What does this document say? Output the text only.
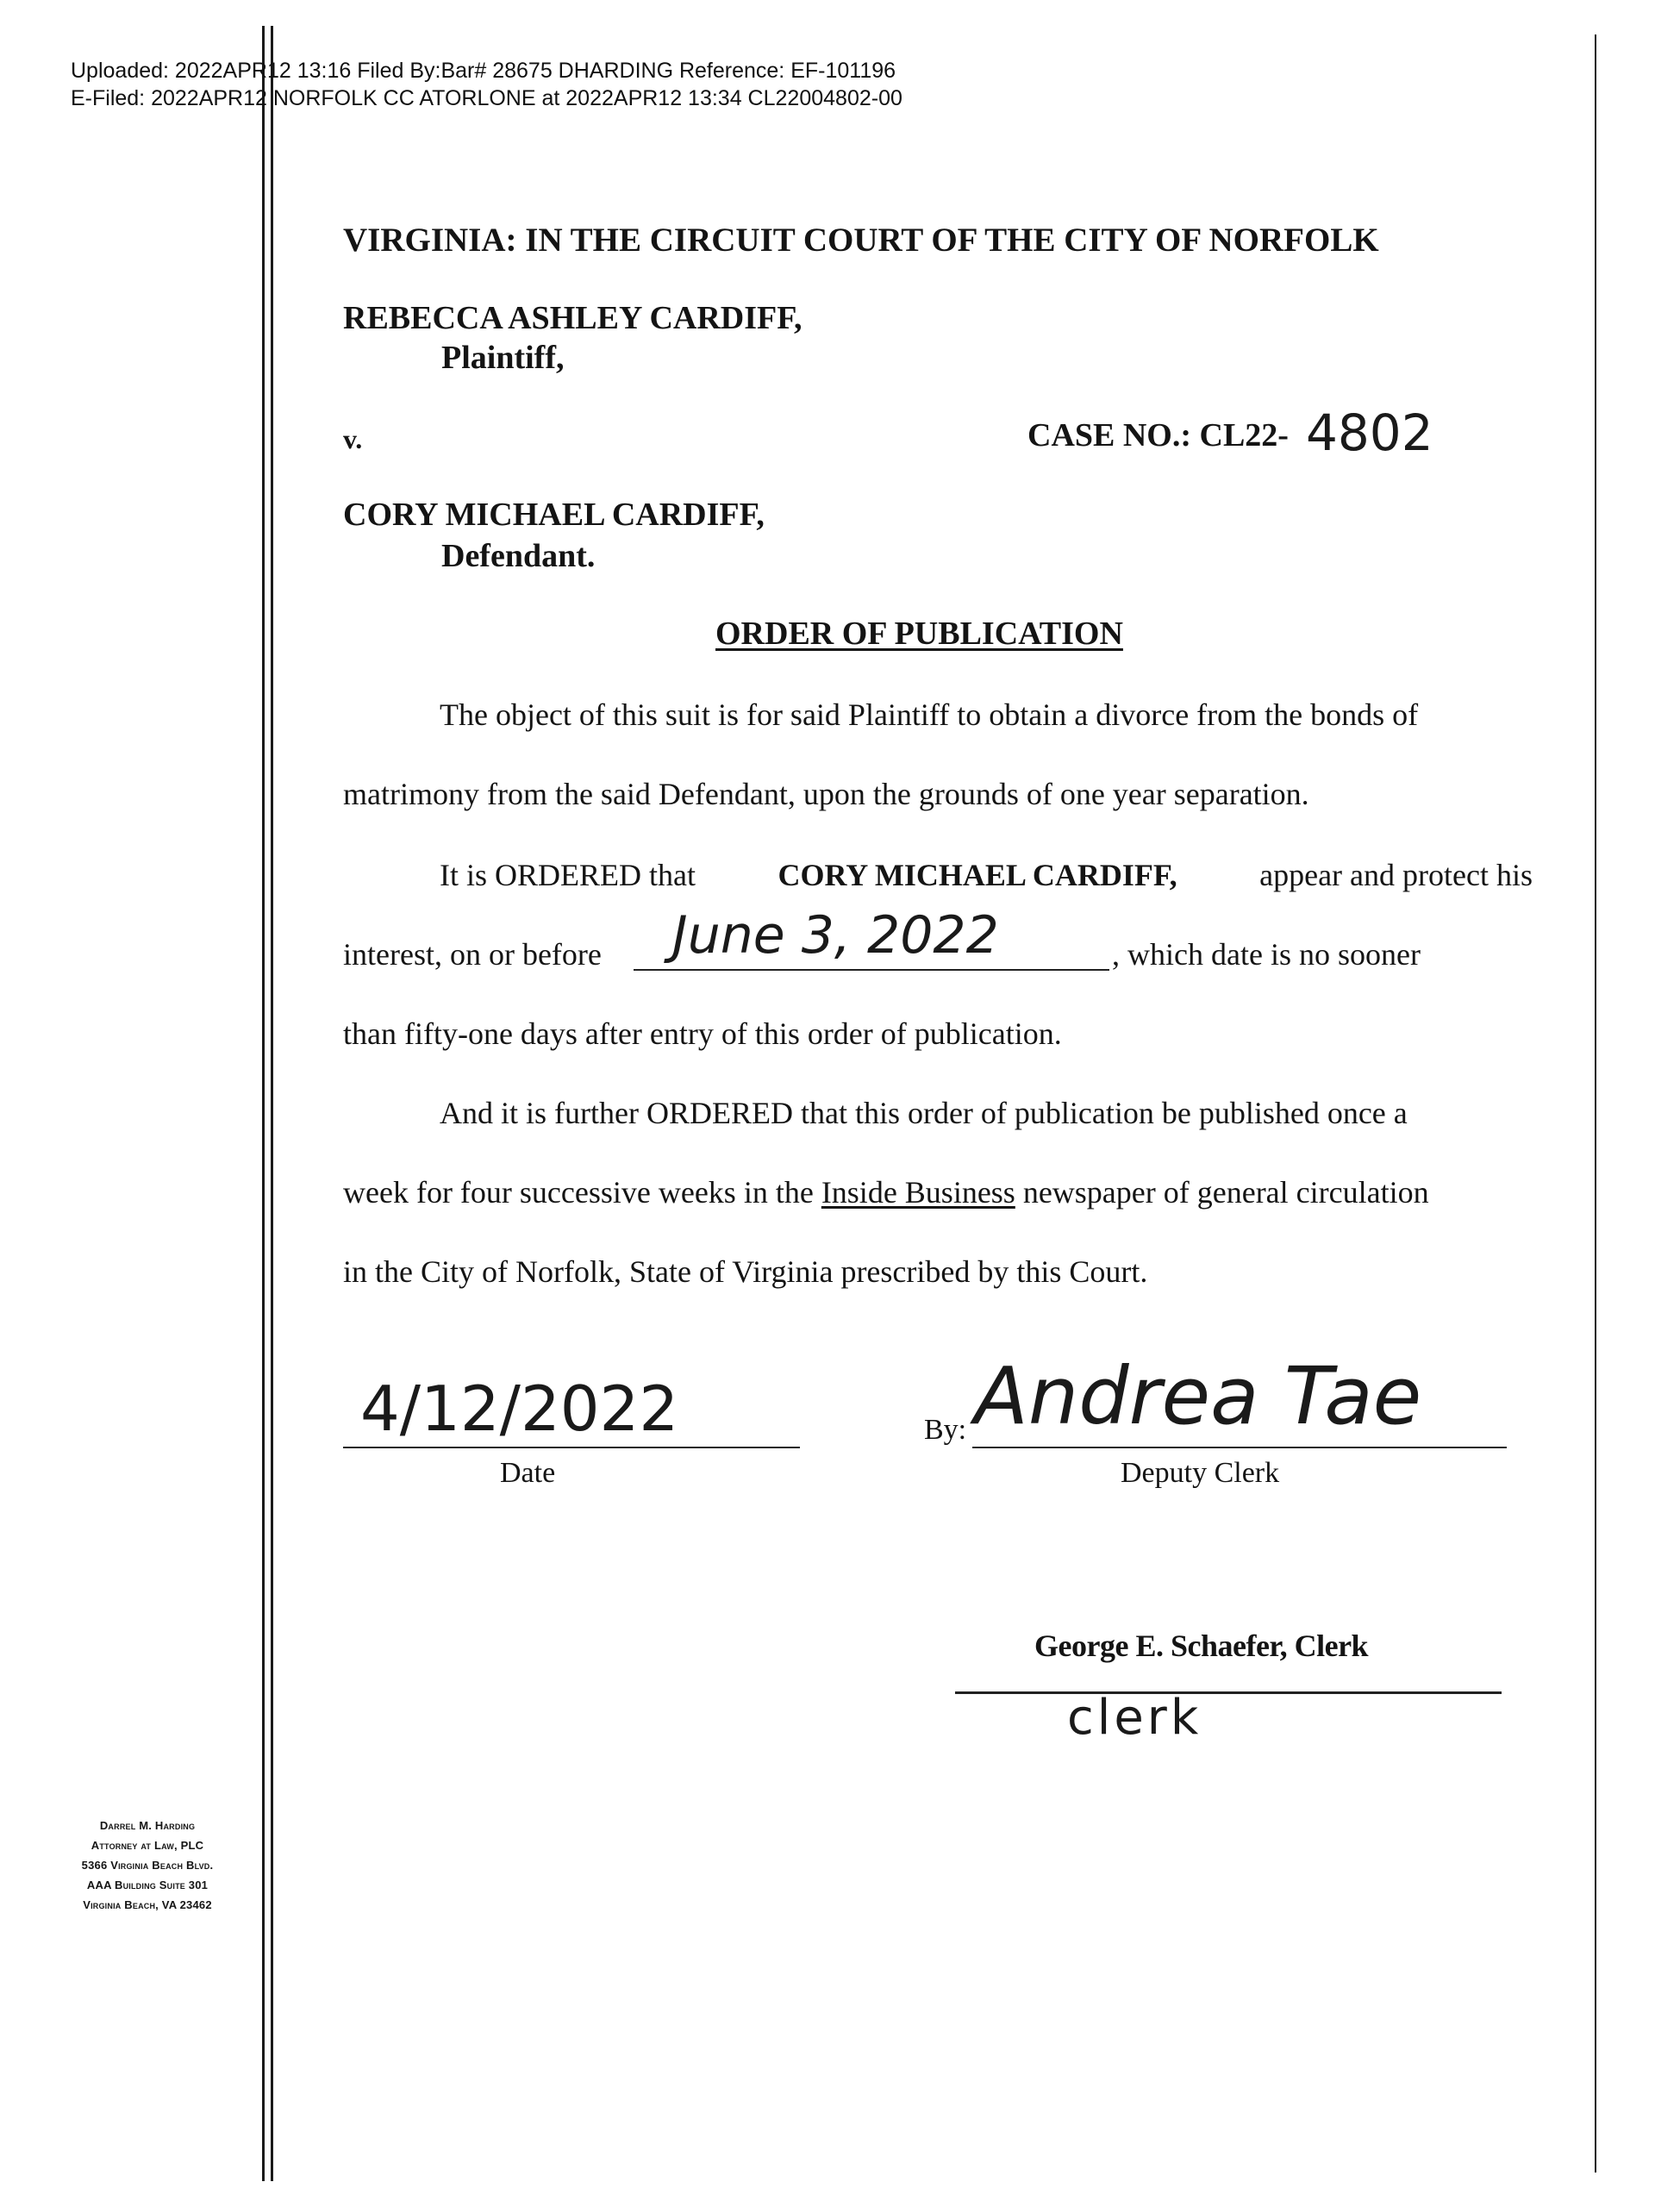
Uploaded: 2022APR12 13:16 Filed By:Bar# 28675 DHARDING Reference: EF-101196
E-Filed: 2022APR12 NORFOLK CC ATORLONE at 2022APR12 13:34 CL22004802-00
VIRGINIA: IN THE CIRCUIT COURT OF THE CITY OF NORFOLK
REBECCA ASHLEY CARDIFF,
Plaintiff,
v.	CASE NO.: CL22- 4802
CORY MICHAEL CARDIFF,
Defendant.
ORDER OF PUBLICATION
The object of this suit is for said Plaintiff to obtain a divorce from the bonds of
matrimony from the said Defendant, upon the grounds of one year separation.
It is ORDERED that CORY MICHAEL CARDIFF, appear and protect his
interest, on or before June 3, 2022	, which date is no sooner
than fifty-one days after entry of this order of publication.
And it is further ORDERED that this order of publication be published once a
week for four successive weeks in the Inside Business newspaper of general circulation
in the City of Norfolk, State of Virginia prescribed by this Court.
4/12/2022
Date
By: Andrea Tae
Deputy Clerk
George E. Schaefer, Clerk
clerk
Darrel M. Harding
Attorney at Law, PLC
5366 Virginia Beach Blvd.
AAA Building Suite 301
Virginia Beach, VA 23462
